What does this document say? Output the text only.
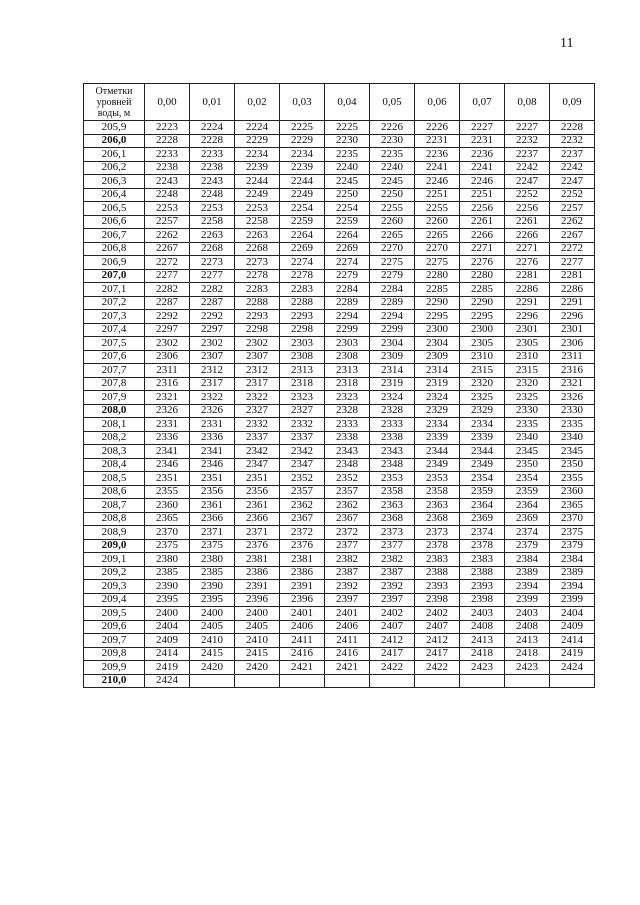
11
Отметки
уровней
воды, м	0,00	0,01	0,02	0,03	0,04	0,05	0,06	0,07	0,08	0,09
205,9	2223	2224	2224	2225	2225	2226	2226	2227	2227	2228
206,0	2228	2228	2229	2229	2230	2230	2231	2231	2232	2232
206,1	2233	2233	2234	2234	2235	2235	2236	2236	2237	2237
206,2	2238	2238	2239	2239	2240	2240	2241	2241	2242	2242
206,3	2243	2243	2244	2244	2245	2245	2246	2246	2247	2247
206,4	2248	2248	2249	2249	2250	2250	2251	2251	2252	2252
206,5	2253	2253	2253	2254	2254	2255	2255	2256	2256	2257
206,6	2257	2258	2258	2259	2259	2260	2260	2261	2261	2262
206,7	2262	2263	2263	2264	2264	2265	2265	2266	2266	2267
206,8	2267	2268	2268	2269	2269	2270	2270	2271	2271	2272
206,9	2272	2273	2273	2274	2274	2275	2275	2276	2276	2277
207,0	2277	2277	2278	2278	2279	2279	2280	2280	2281	2281
207,1	2282	2282	2283	2283	2284	2284	2285	2285	2286	2286
207,2	2287	2287	2288	2288	2289	2289	2290	2290	2291	2291
207,3	2292	2292	2293	2293	2294	2294	2295	2295	2296	2296
207,4	2297	2297	2298	2298	2299	2299	2300	2300	2301	2301
207,5	2302	2302	2302	2303	2303	2304	2304	2305	2305	2306
207,6	2306	2307	2307	2308	2308	2309	2309	2310	2310	2311
207,7	2311	2312	2312	2313	2313	2314	2314	2315	2315	2316
207,8	2316	2317	2317	2318	2318	2319	2319	2320	2320	2321
207,9	2321	2322	2322	2323	2323	2324	2324	2325	2325	2326
208,0	2326	2326	2327	2327	2328	2328	2329	2329	2330	2330
208,1	2331	2331	2332	2332	2333	2333	2334	2334	2335	2335
208,2	2336	2336	2337	2337	2338	2338	2339	2339	2340	2340
208,3	2341	2341	2342	2342	2343	2343	2344	2344	2345	2345
208,4	2346	2346	2347	2347	2348	2348	2349	2349	2350	2350
208,5	2351	2351	2351	2352	2352	2353	2353	2354	2354	2355
208,6	2355	2356	2356	2357	2357	2358	2358	2359	2359	2360
208,7	2360	2361	2361	2362	2362	2363	2363	2364	2364	2365
208,8	2365	2366	2366	2367	2367	2368	2368	2369	2369	2370
208,9	2370	2371	2371	2372	2372	2373	2373	2374	2374	2375
209,0	2375	2375	2376	2376	2377	2377	2378	2378	2379	2379
209,1	2380	2380	2381	2381	2382	2382	2383	2383	2384	2384
209,2	2385	2385	2386	2386	2387	2387	2388	2388	2389	2389
209,3	2390	2390	2391	2391	2392	2392	2393	2393	2394	2394
209,4	2395	2395	2396	2396	2397	2397	2398	2398	2399	2399
209,5	2400	2400	2400	2401	2401	2402	2402	2403	2403	2404
209,6	2404	2405	2405	2406	2406	2407	2407	2408	2408	2409
209,7	2409	2410	2410	2411	2411	2412	2412	2413	2413	2414
209,8	2414	2415	2415	2416	2416	2417	2417	2418	2418	2419
209,9	2419	2420	2420	2421	2421	2422	2422	2423	2423	2424
210,0	2424									
